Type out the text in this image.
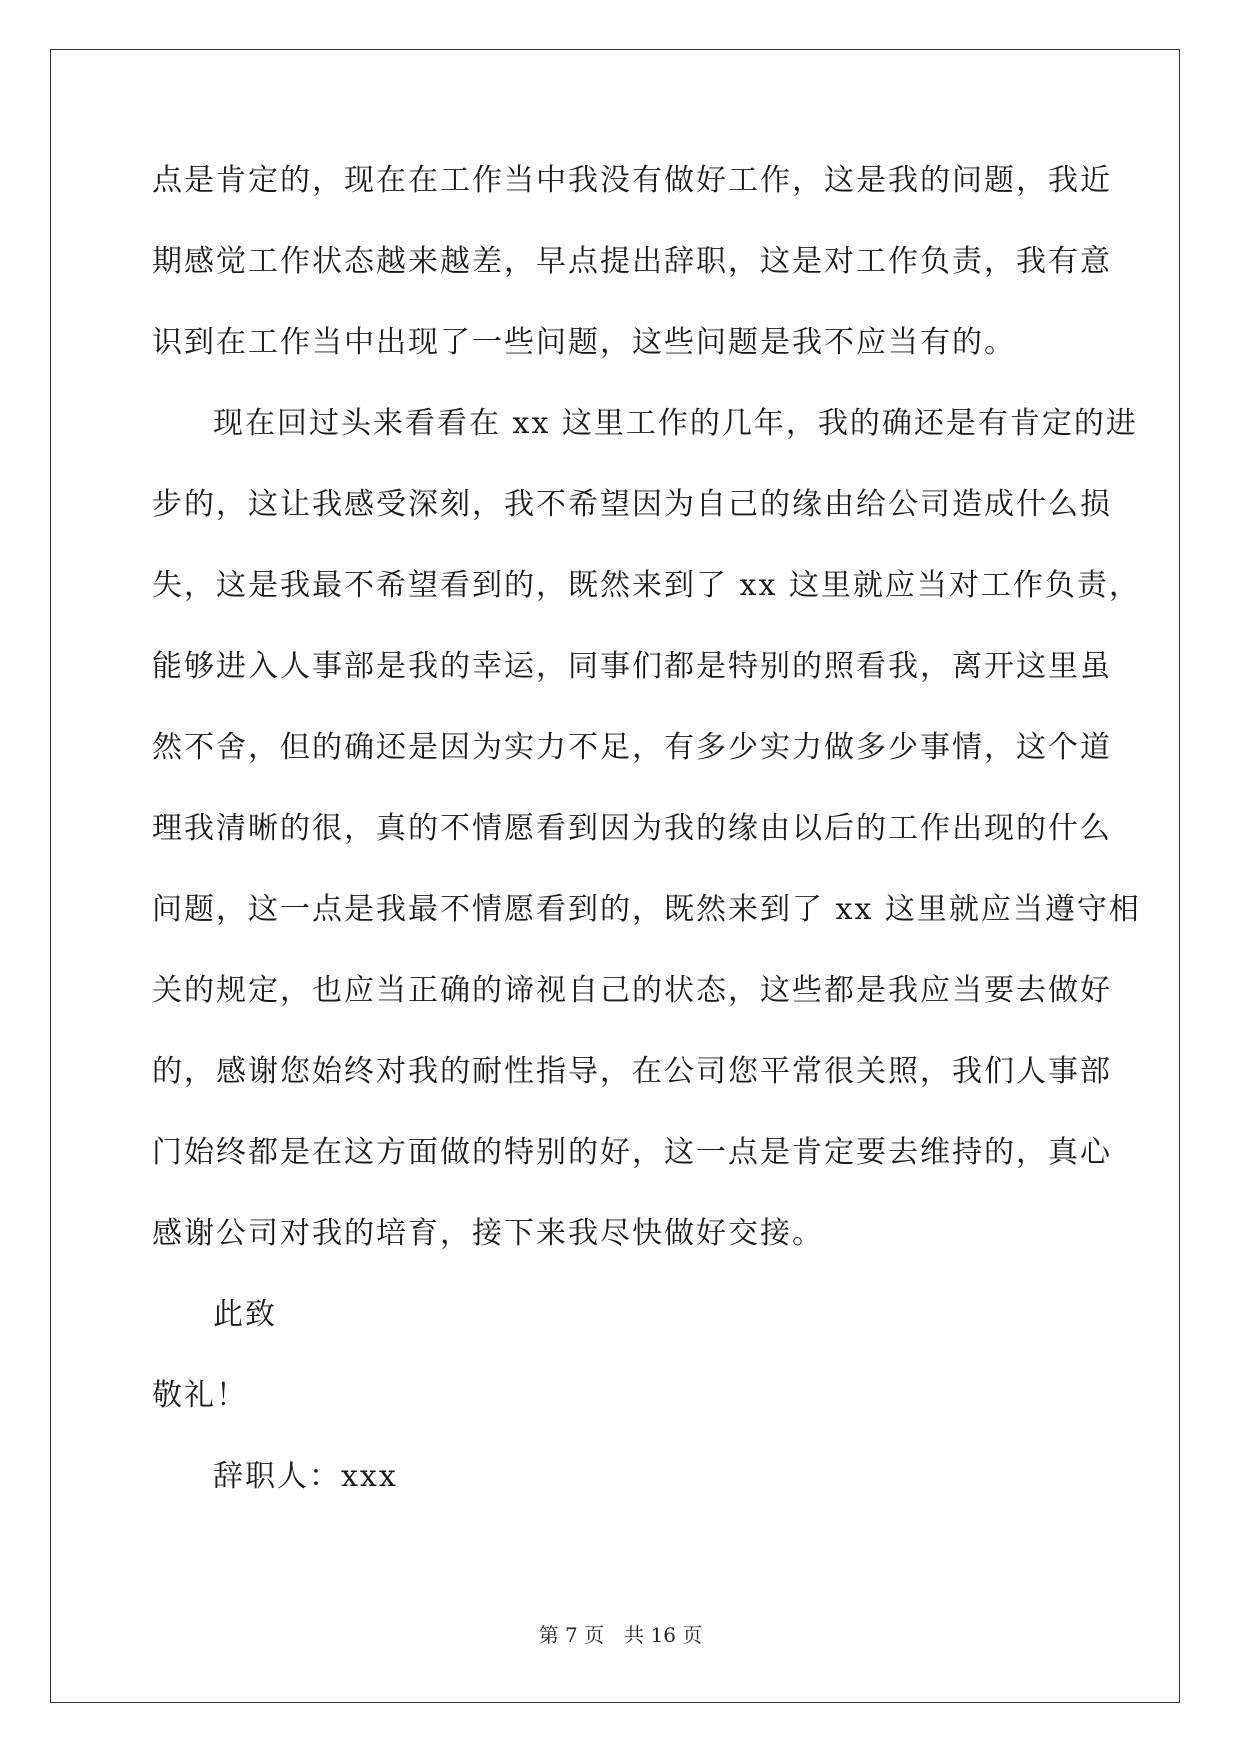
点是肯定的，现在在工作当中我没有做好工作，这是我的问题，我近
期感觉工作状态越来越差，早点提出辞职，这是对工作负责，我有意
识到在工作当中出现了一些问题，这些问题是我不应当有的。
现在回过头来看看在 xx 这里工作的几年，我的确还是有肯定的进
步的，这让我感受深刻，我不希望因为自己的缘由给公司造成什么损
失，这是我最不希望看到的，既然来到了 xx 这里就应当对工作负责，
能够进入人事部是我的幸运，同事们都是特别的照看我，离开这里虽
然不舍，但的确还是因为实力不足，有多少实力做多少事情，这个道
理我清晰的很，真的不情愿看到因为我的缘由以后的工作出现的什么
问题，这一点是我最不情愿看到的，既然来到了 xx 这里就应当遵守相
关的规定，也应当正确的谛视自己的状态，这些都是我应当要去做好
的，感谢您始终对我的耐性指导，在公司您平常很关照，我们人事部
门始终都是在这方面做的特别的好，这一点是肯定要去维持的，真心
感谢公司对我的培育，接下来我尽快做好交接。
此致
敬礼！
辞职人：xxx
第 7 页 共 16 页
